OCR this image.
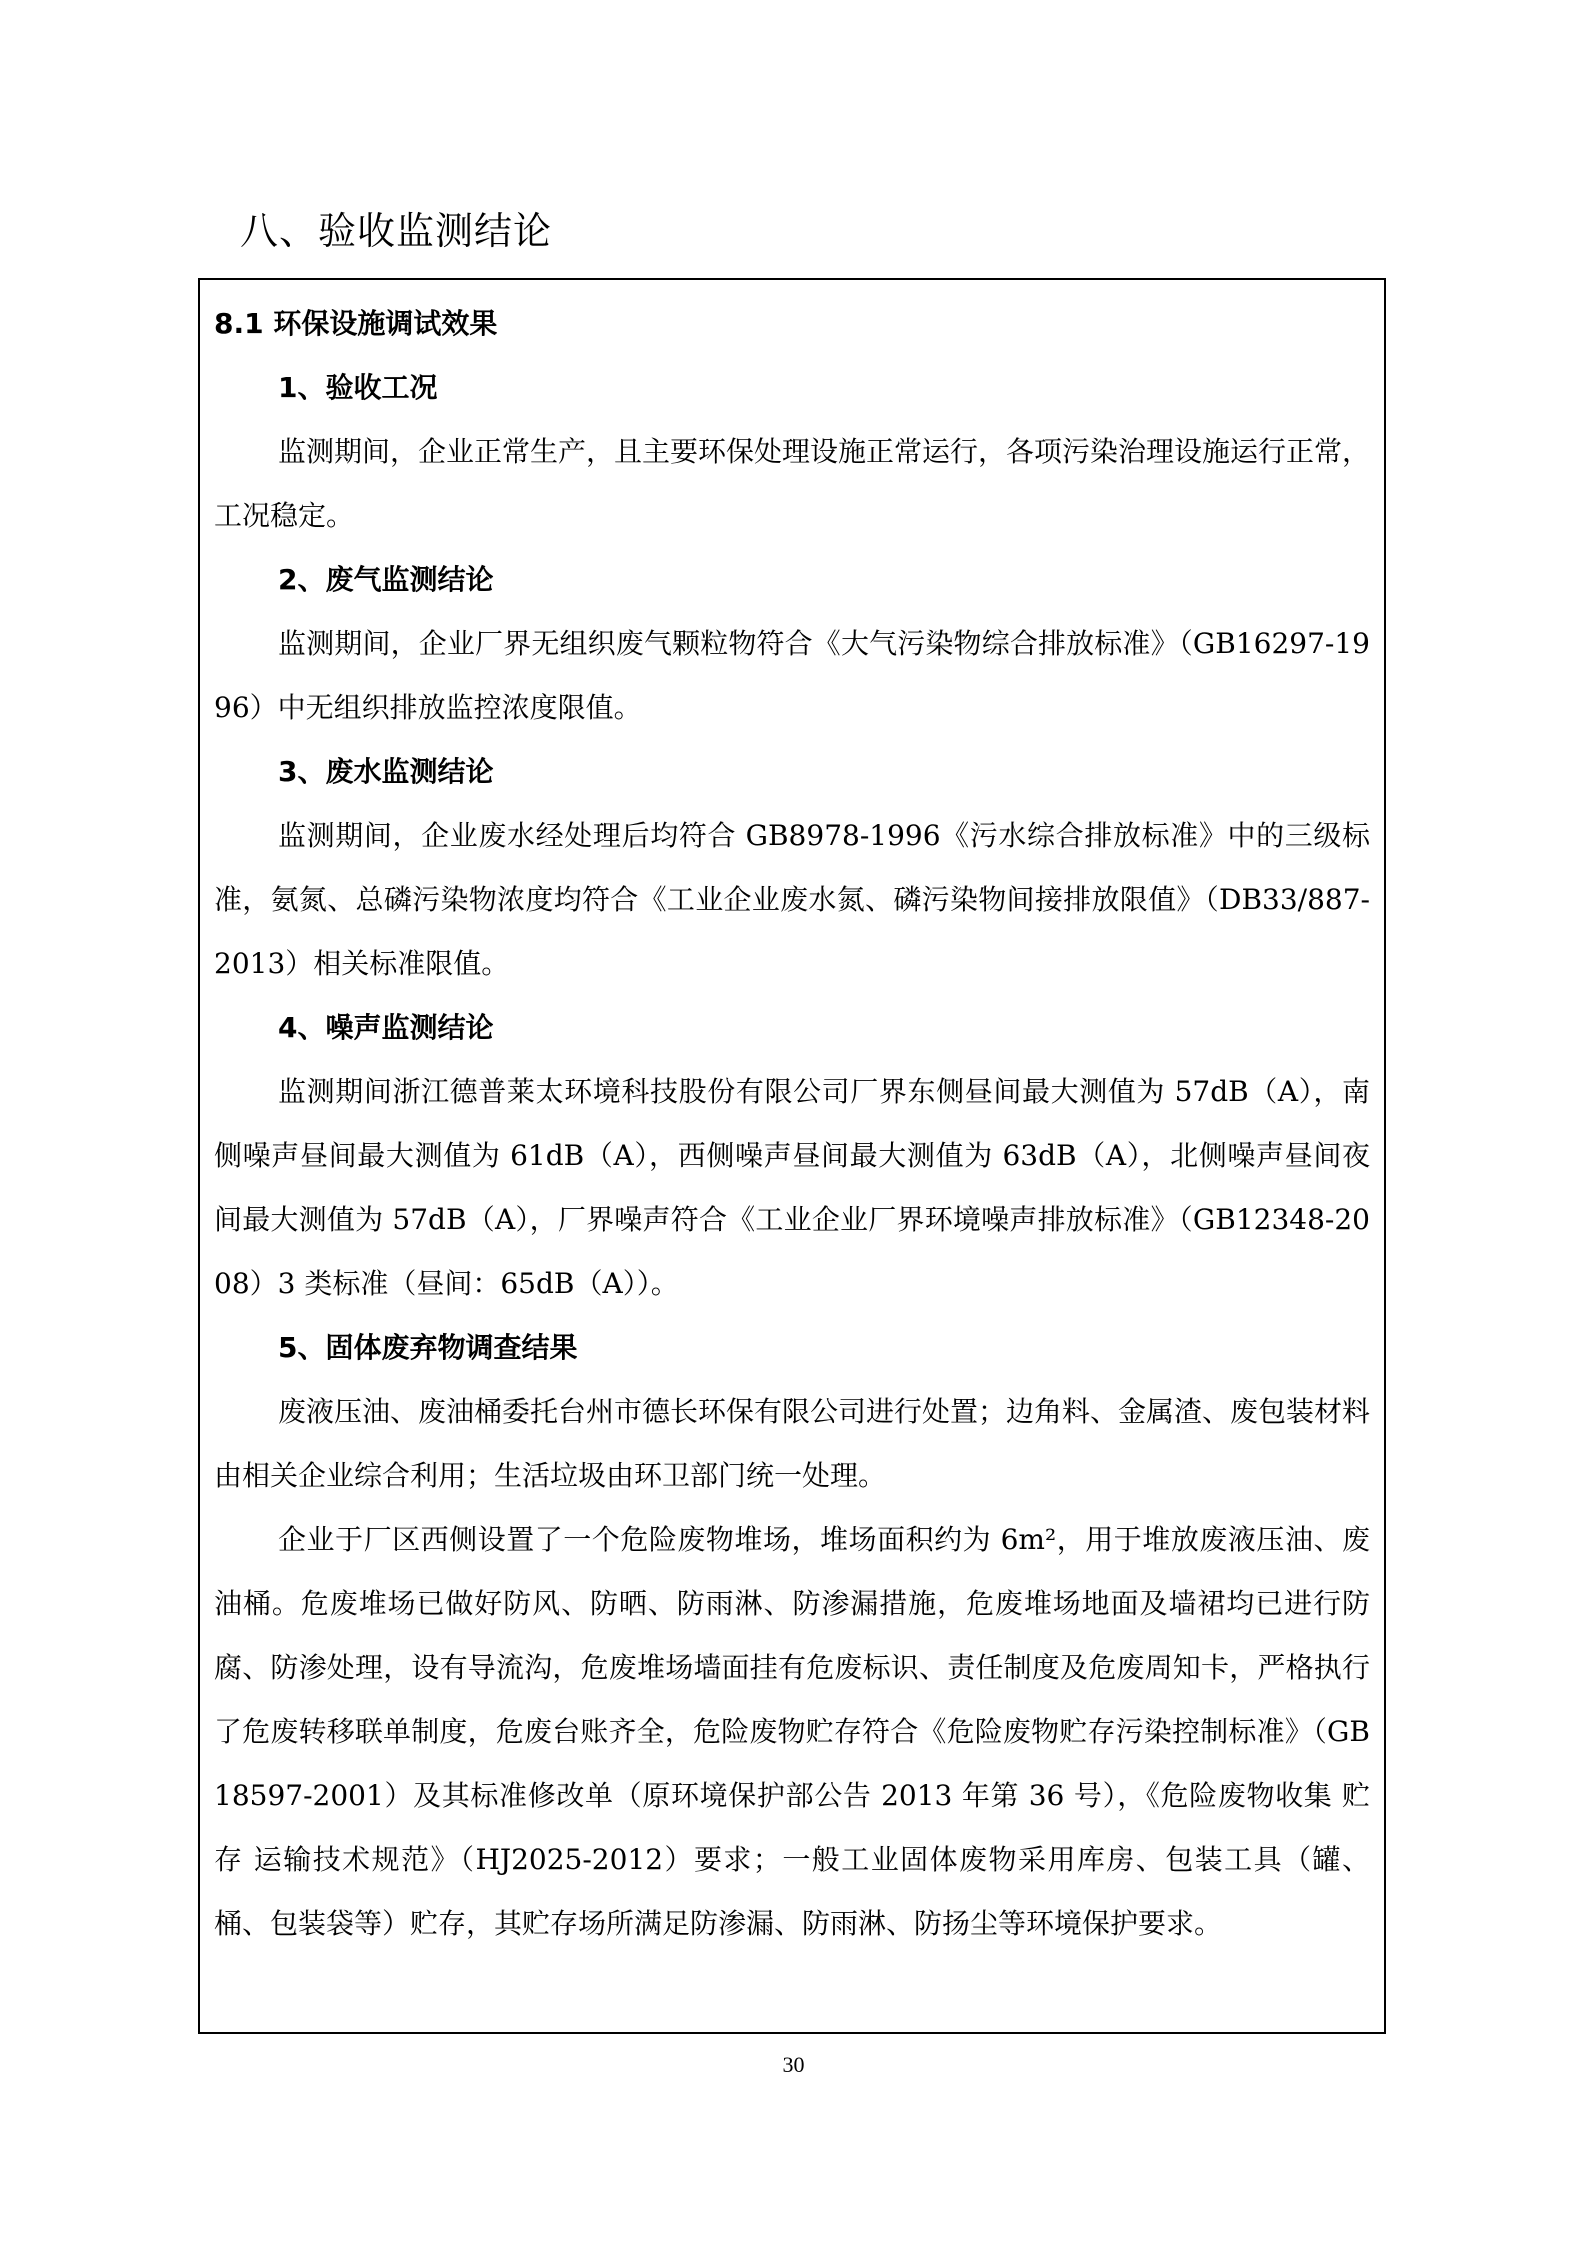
八、验收监测结论
8.1 环保设施调试效果
1、验收工况

监测期间，企业正常生产，且主要环保处理设施正常运行，各项污染治理设施运行正常，工况稳定。

2、废气监测结论

监测期间，企业厂界无组织废气颗粒物符合《大气污染物综合排放标准》（GB16297-1996）中无组织排放监控浓度限值。

3、废水监测结论

监测期间，企业废水经处理后均符合 GB8978-1996《污水综合排放标准》中的三级标准，氨氮、总磷污染物浓度均符合《工业企业废水氮、磷污染物间接排放限值》（DB33/887-2013）相关标准限值。

4、噪声监测结论

监测期间浙江德普莱太环境科技股份有限公司厂界东侧昼间最大测值为 57dB（A），南侧噪声昼间最大测值为 61dB（A），西侧噪声昼间最大测值为 63dB（A），北侧噪声昼间夜间最大测值为 57dB（A），厂界噪声符合《工业企业厂界环境噪声排放标准》（GB12348-2008）3 类标准（昼间：65dB（A））。

5、固体废弃物调查结果

废液压油、废油桶委托台州市德长环保有限公司进行处置；边角料、金属渣、废包装材料由相关企业综合利用；生活垃圾由环卫部门统一处理。

企业于厂区西侧设置了一个危险废物堆场，堆场面积约为 6m²，用于堆放废液压油、废油桶。危废堆场已做好防风、防晒、防雨淋、防渗漏措施，危废堆场地面及墙裙均已进行防腐、防渗处理，设有导流沟，危废堆场墙面挂有危废标识、责任制度及危废周知卡，严格执行了危废转移联单制度，危废台账齐全，危险废物贮存符合《危险废物贮存污染控制标准》（GB18597-2001）及其标准修改单（原环境保护部公告 2013 年第 36 号），《危险废物收集 贮存 运输技术规范》（HJ2025-2012）要求；一般工业固体废物采用库房、包装工具（罐、桶、包装袋等）贮存，其贮存场所满足防渗漏、防雨淋、防扬尘等环境保护要求。

30
